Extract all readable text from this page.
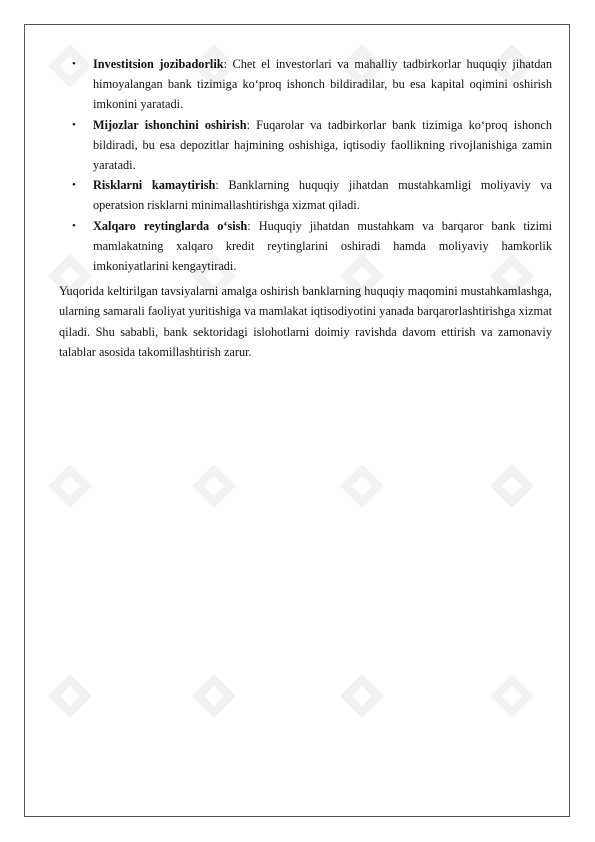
• Investitsion jozibadorlik: Chet el investorlari va mahalliy tadbirkorlar huquqiy jihatdan himoyalangan bank tizimiga ko‘proq ishonch bildiradilar, bu esa kapital oqimini oshirish imkonini yaratadi.
• Mijozlar ishonchini oshirish: Fuqarolar va tadbirkorlar bank tizimiga ko‘proq ishonch bildiradi, bu esa depozitlar hajmining oshishiga, iqtisodiy faollikning rivojlanishiga zamin yaratadi.
• Risklarni kamaytirish: Banklarning huquqiy jihatdan mustahkamligi moliyaviy va operatsion risklarni minimallashtirishga xizmat qiladi.
• Xalqaro reytinglarda o‘sish: Huquqiy jihatdan mustahkam va barqaror bank tizimi mamlakatning xalqaro kredit reytinglarini oshiradi hamda moliyaviy hamkorlik imkoniyatlarini kengaytiradi.

Yuqorida keltirilgan tavsiyalarni amalga oshirish banklarning huquqiy maqomini mustahkamlashga, ularning samarali faoliyat yuritishiga va mamlakat iqtisodiyotini yanada barqarorlashtirishga xizmat qiladi. Shu sababli, bank sektoridagi islohotlarni doimiy ravishda davom ettirish va zamonaviy talablar asosida takomillashtirish zarur.
